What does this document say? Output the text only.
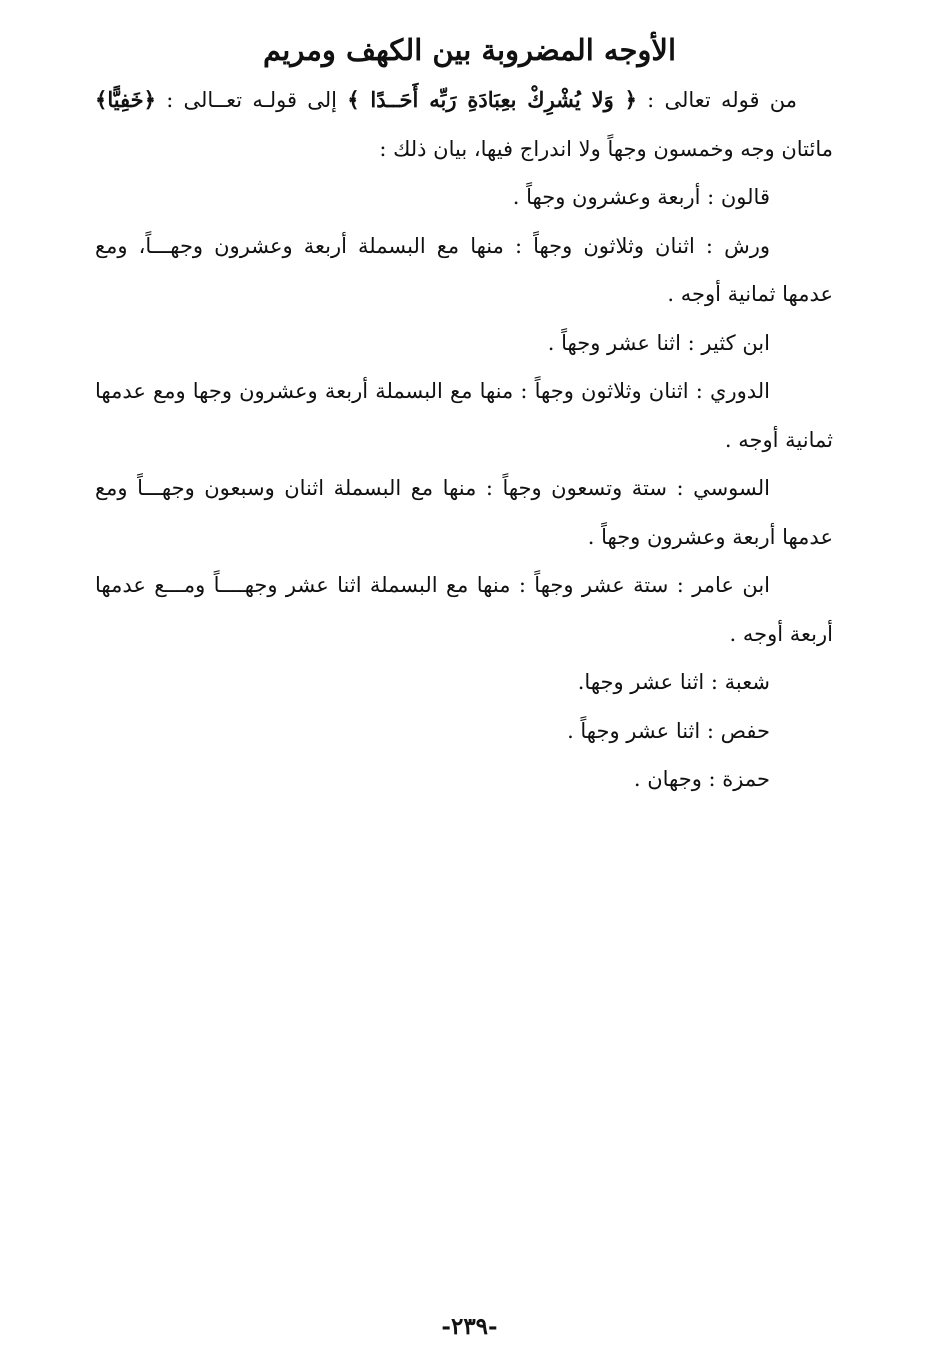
الأوجه المضروبة بين الكهف ومريم

من قوله تعالى : ﴿ وَلا يُشْرِكْ بعِبَادَةِ رَبِّه أَحَــدًا ﴾ إلى قولـه تعــالى : ﴿خَفِيًّا﴾ مائتان وجه وخمسون وجهاً ولا اندراج فيها، بيان ذلك :

قالون : أربعة وعشرون وجهاً .

ورش : اثنان وثلاثون وجهاً : منها مع البسملة أربعة وعشرون وجهـــاً، ومع عدمها ثمانية أوجه .

ابن كثير : اثنا عشر وجهاً .

الدوري : اثنان وثلاثون وجهاً : منها مع البسملة أربعة وعشرون وجها ومع عدمها ثمانية أوجه .

السوسي : ستة وتسعون وجهاً : منها مع البسملة اثنان وسبعون وجهـــاً ومع عدمها أربعة وعشرون وجهاً .

ابن عامر : ستة عشر وجهاً : منها مع البسملة اثنا عشر وجهــــاً ومـــع عدمها أربعة أوجه .

شعبة : اثنا عشر وجها.

حفص : اثنا عشر وجهاً .

حمزة : وجهان .

-٢٣٩-
